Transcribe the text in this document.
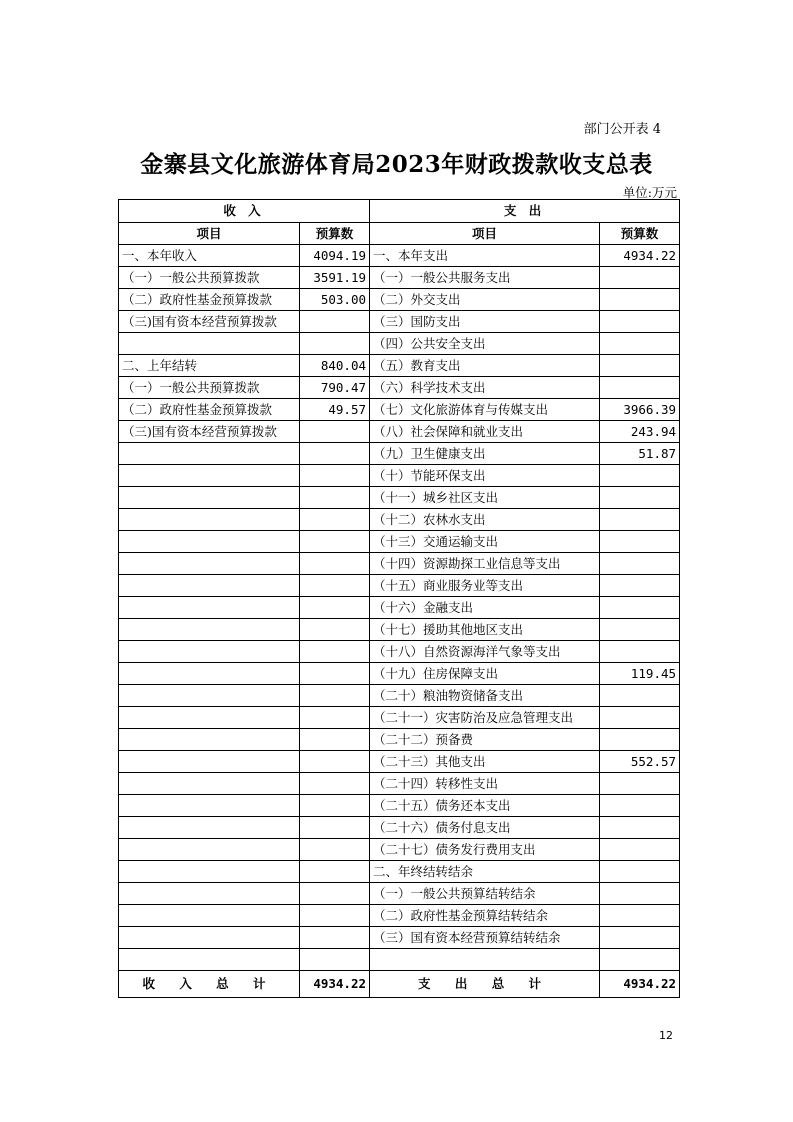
部门公开表 4
金寨县文化旅游体育局2023年财政拨款收支总表
单位:万元
收 入		支 出	
项目	预算数	项目	预算数
一、本年收入	4094.19	一、本年支出	4934.22
（一）一般公共预算拨款	3591.19	（一）一般公共服务支出	
（二）政府性基金预算拨款	503.00	（二）外交支出	
（三)国有资本经营预算拨款		（三）国防支出	
		（四）公共安全支出	
二、上年结转	840.04	（五）教育支出	
（一）一般公共预算拨款	790.47	（六）科学技术支出	
（二）政府性基金预算拨款	49.57	（七）文化旅游体育与传媒支出	3966.39
（三)国有资本经营预算拨款		（八）社会保障和就业支出	243.94
		（九）卫生健康支出	51.87
		（十）节能环保支出	
		（十一）城乡社区支出	
		（十二）农林水支出	
		（十三）交通运输支出	
		（十四）资源勘探工业信息等支出	
		（十五）商业服务业等支出	
		（十六）金融支出	
		（十七）援助其他地区支出	
		（十八）自然资源海洋气象等支出	
		（十九）住房保障支出	119.45
		（二十）粮油物资储备支出	
		（二十一）灾害防治及应急管理支出	
		（二十二）预备费	
		（二十三）其他支出	552.57
		（二十四）转移性支出	
		（二十五）债务还本支出	
		（二十六）债务付息支出	
		（二十七）债务发行费用支出	
		二、年终结转结余	
		（一）一般公共预算结转结余	
		（二）政府性基金预算结转结余	
		（三）国有资本经营预算结转结余	

收 入 总 计	4934.22	支 出 总 计	4934.22
12
